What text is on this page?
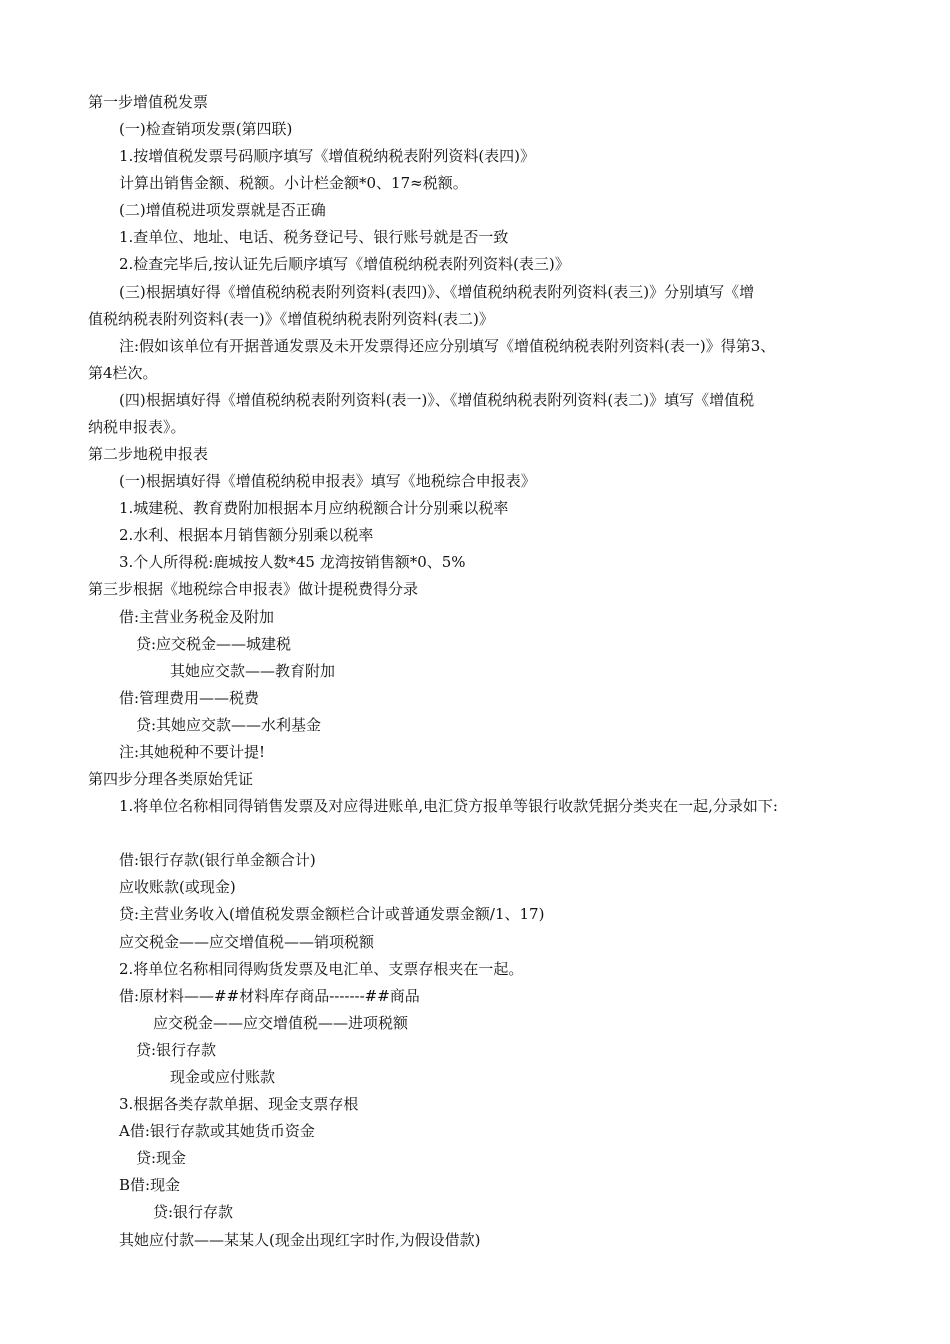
第一步增值税发票
(一)检查销项发票(第四联)
1.按增值税发票号码顺序填写《增值税纳税表附列资料(表四)》
计算出销售金额、税额。小计栏金额*0、17≈税额。
(二)增值税进项发票就是否正确
1.查单位、地址、电话、税务登记号、银行账号就是否一致
2.检查完毕后,按认证先后顺序填写《增值税纳税表附列资料(表三)》
(三)根据填好得《增值税纳税表附列资料(表四)》、《增值税纳税表附列资料(表三)》分别填写《增
值税纳税表附列资料(表一)》《增值税纳税表附列资料(表二)》
注:假如该单位有开据普通发票及未开发票得还应分别填写《增值税纳税表附列资料(表一)》得第3、
第4栏次。
(四)根据填好得《增值税纳税表附列资料(表一)》、《增值税纳税表附列资料(表二)》填写《增值税
纳税申报表》。
第二步地税申报表
(一)根据填好得《增值税纳税申报表》填写《地税综合申报表》
1.城建税、教育费附加根据本月应纳税额合计分别乘以税率
2.水利、根据本月销售额分别乘以税率
3.个人所得税:鹿城按人数*45 龙湾按销售额*0、5%
第三步根据《地税综合申报表》做计提税费得分录
借:主营业务税金及附加
贷:应交税金——城建税
其她应交款——教育附加
借:管理费用——税费
贷:其她应交款——水利基金
注:其她税种不要计提!
第四步分理各类原始凭证
1.将单位名称相同得销售发票及对应得进账单,电汇贷方报单等银行收款凭据分类夹在一起,分录如下:
借:银行存款(银行单金额合计)
应收账款(或现金)
贷:主营业务收入(增值税发票金额栏合计或普通发票金额/1、17)
应交税金——应交增值税——销项税额
2.将单位名称相同得购货发票及电汇单、支票存根夹在一起。
借:原材料——##材料库存商品-------##商品
应交税金——应交增值税——进项税额
贷:银行存款
现金或应付账款
3.根据各类存款单据、现金支票存根
A借:银行存款或其她货币资金
贷:现金
B借:现金
贷:银行存款
其她应付款——某某人(现金出现红字时作,为假设借款)
